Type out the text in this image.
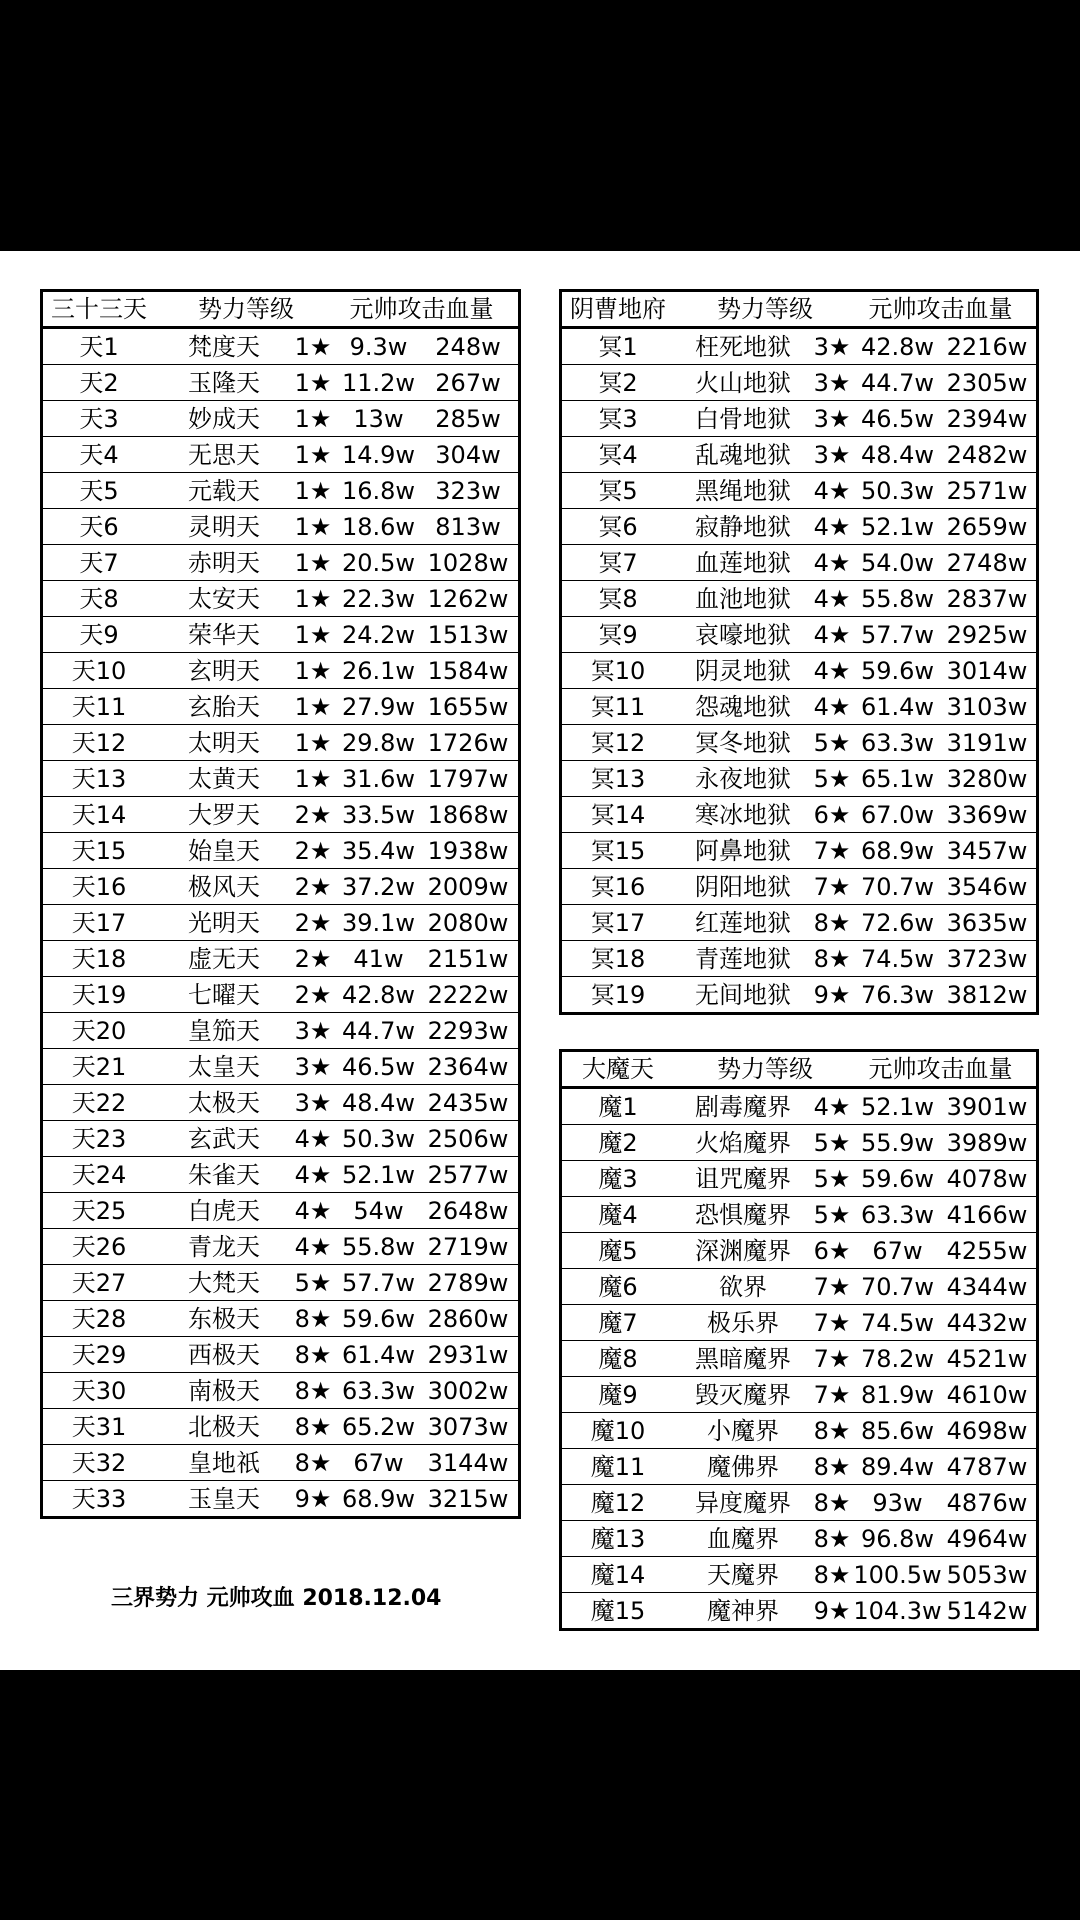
三十三天	势力等级	元帅攻击血量
天1	梵度天	1★ 9.3w	248w
天2	玉隆天	1★ 11.2w 267w
天3	妙成天	1★ 13w	285w
天4	无思天	1★ 14.9w 304w
天5	元载天	1★ 16.8w 323w
天6	灵明天	1★ 18.6w 813w
天7	赤明天	1★ 20.5w 1028w
天8	太安天	1★ 22.3w 1262w
天9	荣华天	1★ 24.2w 1513w
天10	玄明天	1★ 26.1w 1584w
天11	玄胎天	1★ 27.9w 1655w
天12	太明天	1★ 29.8w 1726w
天13	太黄天	1★ 31.6w 1797w
天14	大罗天	2★ 33.5w 1868w
天15	始皇天	2★ 35.4w 1938w
天16	极风天	2★ 37.2w 2009w
天17	光明天	2★ 39.1w 2080w
天18	虚无天	2★ 41w	2151w
天19	七曜天	2★ 42.8w 2222w
天20	皇笳天	3★ 44.7w 2293w
天21	太皇天	3★ 46.5w 2364w
天22	太极天	3★ 48.4w 2435w
天23	玄武天	4★ 50.3w 2506w
天24	朱雀天	4★ 52.1w 2577w
天25	白虎天	4★ 54w	2648w
天26	青龙天	4★ 55.8w 2719w
天27	大梵天	5★ 57.7w 2789w
天28	东极天	8★ 59.6w 2860w
天29	西极天	8★ 61.4w 2931w
天30	南极天	8★ 63.3w 3002w
天31	北极天	8★ 65.2w 3073w
天32	皇地祇	8★ 67w	3144w
天33	玉皇天	9★ 68.9w 3215w
阴曹地府	势力等级	元帅攻击血量
冥1	枉死地狱 3★ 42.8w 2216w
冥2	火山地狱 3★ 44.7w 2305w
冥3	白骨地狱 3★ 46.5w 2394w
冥4	乱魂地狱 3★ 48.4w 2482w
冥5	黑绳地狱 4★ 50.3w 2571w
冥6	寂静地狱 4★ 52.1w 2659w
冥7	血莲地狱 4★ 54.0w 2748w
冥8	血池地狱 4★ 55.8w 2837w
冥9	哀嚎地狱 4★ 57.7w 2925w
冥10	阴灵地狱 4★ 59.6w 3014w
冥11	怨魂地狱 4★ 61.4w 3103w
冥12	冥冬地狱 5★ 63.3w 3191w
冥13	永夜地狱 5★ 65.1w 3280w
冥14	寒冰地狱 6★ 67.0w 3369w
冥15	阿鼻地狱 7★ 68.9w 3457w
冥16	阴阳地狱 7★ 70.7w 3546w
冥17	红莲地狱 8★ 72.6w 3635w
冥18	青莲地狱 8★ 74.5w 3723w
冥19	无间地狱 9★ 76.3w 3812w
大魔天	势力等级	元帅攻击血量
魔1	剧毒魔界 4★ 52.1w 3901w
魔2	火焰魔界 5★ 55.9w 3989w
魔3	诅咒魔界 5★ 59.6w 4078w
魔4	恐惧魔界 5★ 63.3w 4166w
魔5	深渊魔界 6★ 67w	4255w
魔6	欲界	7★ 70.7w 4344w
魔7	极乐界	7★ 74.5w 4432w
魔8	黑暗魔界 7★ 78.2w 4521w
魔9	毁灭魔界 7★ 81.9w 4610w
魔10	小魔界	8★ 85.6w 4698w
魔11	魔佛界	8★ 89.4w 4787w
魔12	异度魔界 8★ 93w	4876w
魔13	血魔界	8★ 96.8w 4964w
魔14	天魔界	8★ 100.5w 5053w
魔15	魔神界	9★ 104.3w 5142w
三界势力 元帅攻血 2018.12.04
